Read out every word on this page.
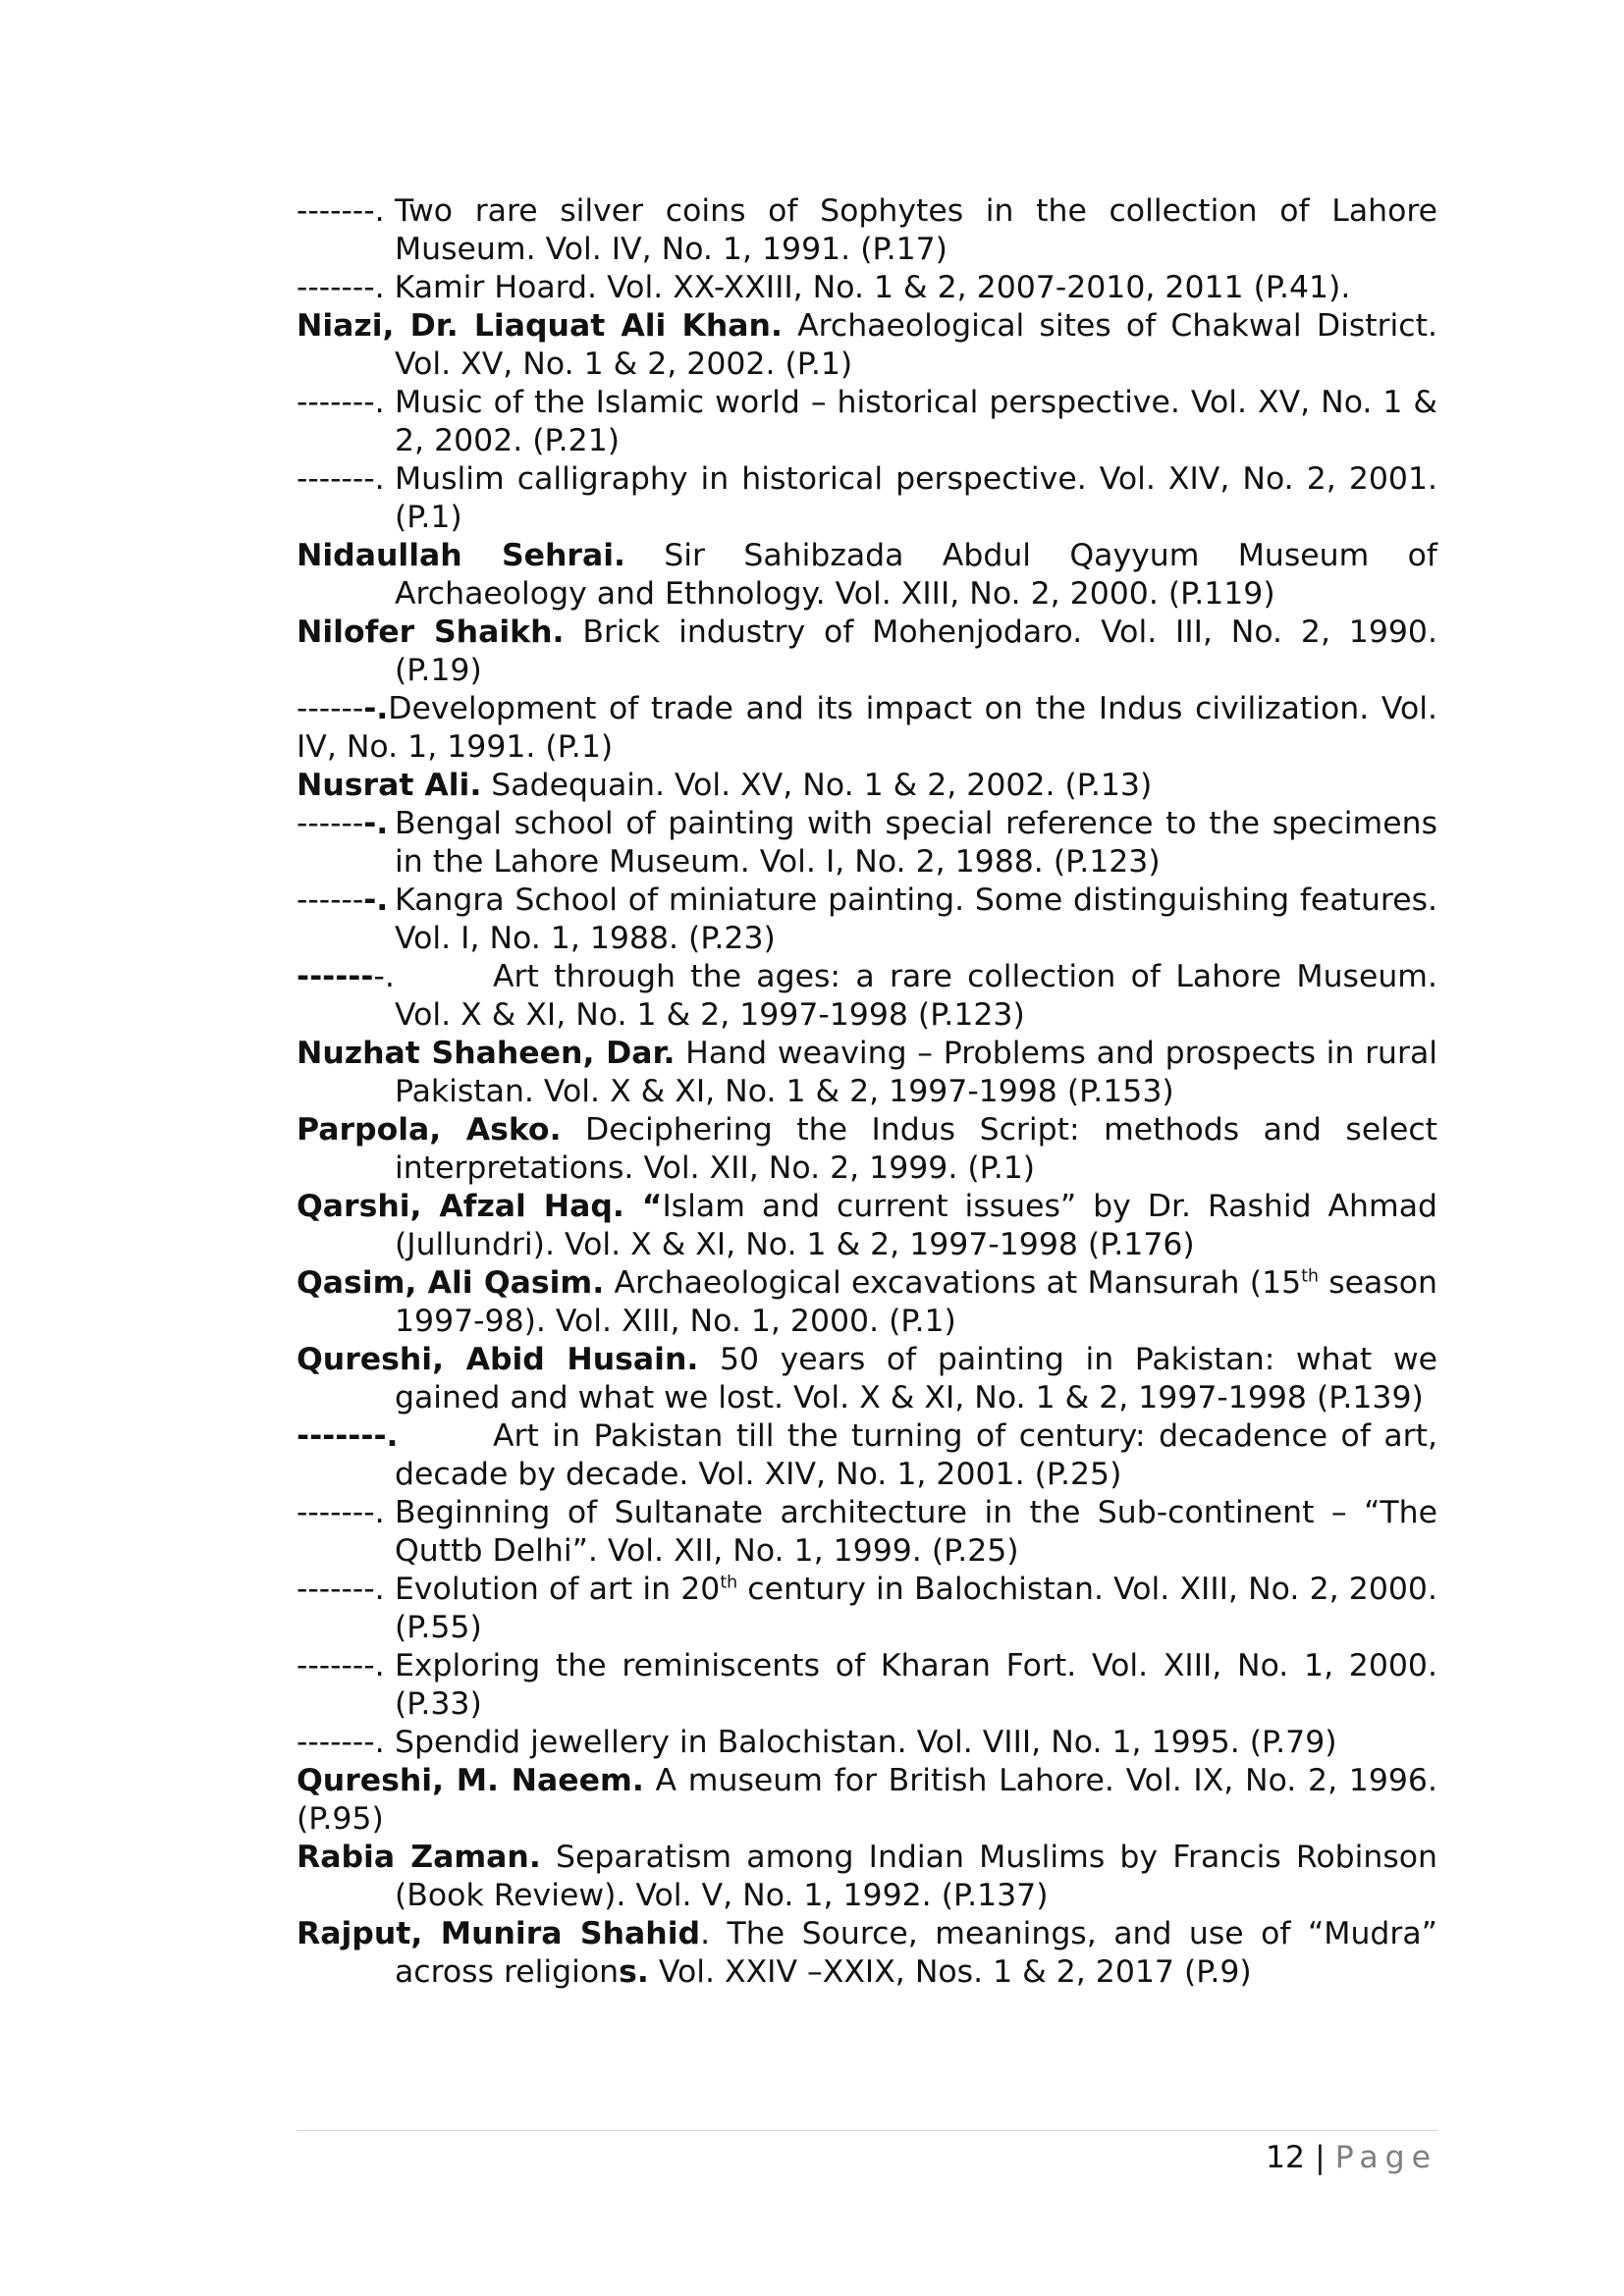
-------. Two rare silver coins of Sophytes in the collection of Lahore Museum. Vol. IV, No. 1, 1991. (P.17)

-------. Kamir Hoard. Vol. XX-XXIII, No. 1 & 2, 2007-2010, 2011 (P.41).

Niazi, Dr. Liaquat Ali Khan. Archaeological sites of Chakwal District. Vol. XV, No. 1 & 2, 2002. (P.1)

-------. Music of the Islamic world – historical perspective. Vol. XV, No. 1 & 2, 2002. (P.21)

-------. Muslim calligraphy in historical perspective. Vol. XIV, No. 2, 2001. (P.1)

Nidaullah Sehrai. Sir Sahibzada Abdul Qayyum Museum of Archaeology and Ethnology. Vol. XIII, No. 2, 2000. (P.119)

Nilofer Shaikh. Brick industry of Mohenjodaro. Vol. III, No. 2, 1990. (P.19)

-------.Development of trade and its impact on the Indus civilization. Vol. IV, No. 1, 1991. (P.1)

Nusrat Ali. Sadequain. Vol. XV, No. 1 & 2, 2002. (P.13)

-------. Bengal school of painting with special reference to the specimens in the Lahore Museum. Vol. I, No. 2, 1988. (P.123)

-------. Kangra School of miniature painting. Some distinguishing features. Vol. I, No. 1, 1988. (P.23)

-------.	Art through the ages: a rare collection of Lahore Museum. Vol. X & XI, No. 1 & 2, 1997-1998 (P.123)

Nuzhat Shaheen, Dar. Hand weaving – Problems and prospects in rural Pakistan. Vol. X & XI, No. 1 & 2, 1997-1998 (P.153)

Parpola, Asko. Deciphering the Indus Script: methods and select interpretations. Vol. XII, No. 2, 1999. (P.1)

Qarshi, Afzal Haq. “Islam and current issues” by Dr. Rashid Ahmad (Jullundri). Vol. X & XI, No. 1 & 2, 1997-1998 (P.176)

Qasim, Ali Qasim. Archaeological excavations at Mansurah (15th season 1997-98). Vol. XIII, No. 1, 2000. (P.1)

Qureshi, Abid Husain. 50 years of painting in Pakistan: what we gained and what we lost. Vol. X & XI, No. 1 & 2, 1997-1998 (P.139)

-------.	Art in Pakistan till the turning of century: decadence of art, decade by decade. Vol. XIV, No. 1, 2001. (P.25)

-------. Beginning of Sultanate architecture in the Sub-continent – “The Quttb Delhi”. Vol. XII, No. 1, 1999. (P.25)

-------. Evolution of art in 20th century in Balochistan. Vol. XIII, No. 2, 2000. (P.55)

-------. Exploring the reminiscents of Kharan Fort. Vol. XIII, No. 1, 2000. (P.33)

-------. Spendid jewellery in Balochistan. Vol. VIII, No. 1, 1995. (P.79)

Qureshi, M. Naeem. A museum for British Lahore. Vol. IX, No. 2, 1996. (P.95)

Rabia Zaman. Separatism among Indian Muslims by Francis Robinson (Book Review). Vol. V, No. 1, 1992. (P.137)

Rajput, Munira Shahid. The Source, meanings, and use of “Mudra” across religions. Vol. XXIV –XXIX, Nos. 1 & 2, 2017 (P.9)

12 | Page
